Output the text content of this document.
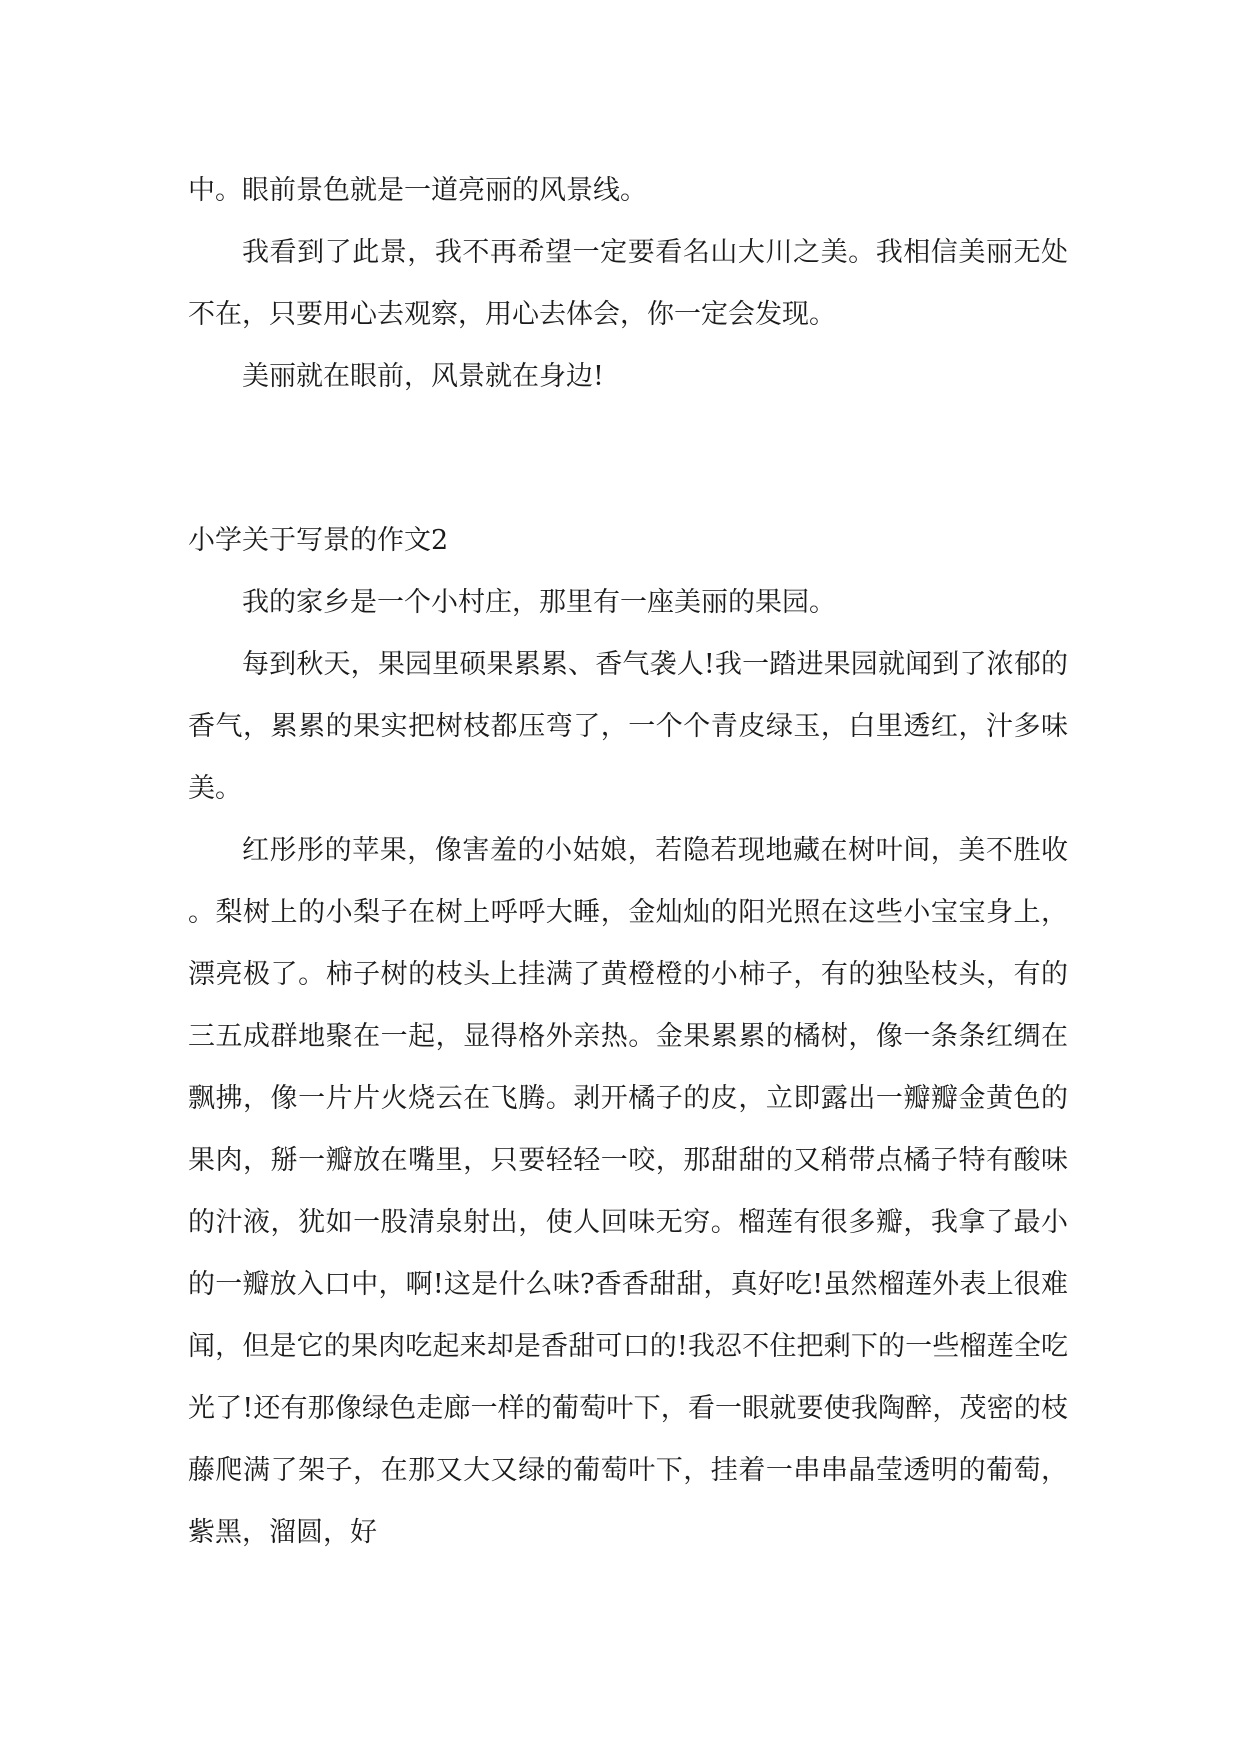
中。眼前景色就是一道亮丽的风景线。

我看到了此景，我不再希望一定要看名山大川之美。我相信美丽无处不在，只要用心去观察，用心去体会，你一定会发现。

美丽就在眼前，风景就在身边!

小学关于写景的作文2

我的家乡是一个小村庄，那里有一座美丽的果园。

每到秋天，果园里硕果累累、香气袭人!我一踏进果园就闻到了浓郁的香气，累累的果实把树枝都压弯了，一个个青皮绿玉，白里透红，汁多味美。

红彤彤的苹果，像害羞的小姑娘，若隐若现地藏在树叶间，美不胜收。梨树上的小梨子在树上呼呼大睡，金灿灿的阳光照在这些小宝宝身上，漂亮极了。柿子树的枝头上挂满了黄橙橙的小柿子，有的独坠枝头，有的三五成群地聚在一起，显得格外亲热。金果累累的橘树，像一条条红绸在飘拂，像一片片火烧云在飞腾。剥开橘子的皮，立即露出一瓣瓣金黄色的果肉，掰一瓣放在嘴里，只要轻轻一咬，那甜甜的又稍带点橘子特有酸味的汁液，犹如一股清泉射出，使人回味无穷。榴莲有很多瓣，我拿了最小的一瓣放入口中，啊!这是什么味?香香甜甜，真好吃!虽然榴莲外表上很难闻，但是它的果肉吃起来却是香甜可口的!我忍不住把剩下的一些榴莲全吃光了!还有那像绿色走廊一样的葡萄叶下，看一眼就要使我陶醉，茂密的枝藤爬满了架子，在那又大又绿的葡萄叶下，挂着一串串晶莹透明的葡萄，紫黑，溜圆，好
